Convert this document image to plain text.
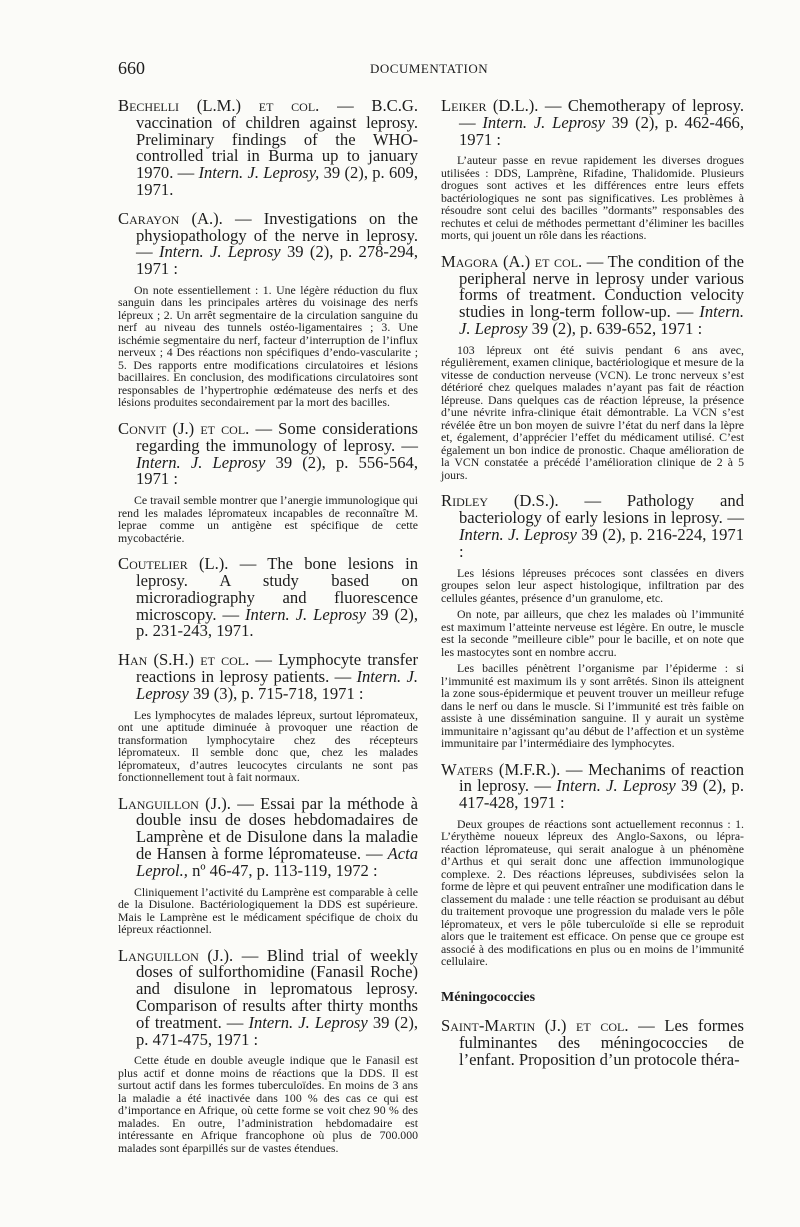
660	DOCUMENTATION
Bechelli (L.M.) et col. — B.C.G. vaccination of children against leprosy. Preliminary findings of the WHO-controlled trial in Burma up to january 1970. — Intern. J. Leprosy, 39 (2), p. 609, 1971.
Carayon (A.). — Investigations on the physiopathology of the nerve in leprosy. — Intern. J. Leprosy 39 (2), p. 278-294, 1971 :

On note essentiellement : 1. Une légère réduction du flux sanguin dans les principales artères du voisinage des nerfs lépreux ; 2. Un arrêt segmentaire de la circulation sanguine du nerf au niveau des tunnels ostéo-ligamentaires ; 3. Une ischémie segmentaire du nerf, facteur d’interruption de l’influx nerveux ; 4 Des réactions non spécifiques d’endo-vascularite ; 5. Des rapports entre modifications circulatoires et lésions bacillaires. En conclusion, des modifications circulatoires sont responsables de l’hypertrophie œdémateuse des nerfs et des lésions produites secondairement par la mort des bacilles.

Convit (J.) et col. — Some considerations regarding the immunology of leprosy. — Intern. J. Leprosy 39 (2), p. 556-564, 1971 :

Ce travail semble montrer que l’anergie immunologique qui rend les malades lépromateux incapables de reconnaître M. leprae comme un antigène est spécifique de cette mycobactérie.

Coutelier (L.). — The bone lesions in leprosy. A study based on microradiography and fluorescence microscopy. — Intern. J. Leprosy 39 (2), p. 231-243, 1971.
Han (S.H.) et col. — Lymphocyte transfer reactions in leprosy patients. — Intern. J. Leprosy 39 (3), p. 715-718, 1971 :

Les lymphocytes de malades lépreux, surtout lépromateux, ont une aptitude diminuée à provoquer une réaction de transformation lymphocytaire chez des récepteurs lépromateux. Il semble donc que, chez les malades lépromateux, d’autres leucocytes circulants ne sont pas fonctionnellement tout à fait normaux.

Languillon (J.). — Essai par la méthode à double insu de doses hebdomadaires de Lamprène et de Disulone dans la maladie de Hansen à forme lépromateuse. — Acta Leprol., nº 46-47, p. 113-119, 1972 :

Cliniquement l’activité du Lamprène est comparable à celle de la Disulone. Bactériologiquement la DDS est supérieure. Mais le Lamprène est le médicament spécifique de choix du lépreux réactionnel.

Languillon (J.). — Blind trial of weekly doses of sulforthomidine (Fanasil Roche) and disulone in lepromatous leprosy. Comparison of results after thirty months of treatment. — Intern. J. Leprosy 39 (2), p. 471-475, 1971 :

Cette étude en double aveugle indique que le Fanasil est plus actif et donne moins de réactions que la DDS. Il est surtout actif dans les formes tuberculoïdes. En moins de 3 ans la maladie a été inactivée dans 100 % des cas ce qui est d’importance en Afrique, où cette forme se voit chez 90 % des malades. En outre, l’administration hebdomadaire est intéressante en Afrique francophone où plus de 700.000 malades sont éparpillés sur de vastes étendues.

Leiker (D.L.). — Chemotherapy of leprosy. — Intern. J. Leprosy 39 (2), p. 462-466, 1971 :

L’auteur passe en revue rapidement les diverses drogues utilisées : DDS, Lamprène, Rifadine, Thalidomide. Plusieurs drogues sont actives et les différences entre leurs effets bactériologiques ne sont pas significatives. Les problèmes à résoudre sont celui des bacilles ”dormants” responsables des rechutes et celui de méthodes permettant d’éliminer les bacilles morts, qui jouent un rôle dans les réactions.

Magora (A.) et col. — The condition of the peripheral nerve in leprosy under various forms of treatment. Conduction velocity studies in long-term follow-up. — Intern. J. Leprosy 39 (2), p. 639-652, 1971 :

103 lépreux ont été suivis pendant 6 ans avec, régulièrement, examen clinique, bactériologique et mesure de la vitesse de conduction nerveuse (VCN). Le tronc nerveux s’est détérioré chez quelques malades n’ayant pas fait de réaction lépreuse. Dans quelques cas de réaction lépreuse, la présence d’une névrite infra-clinique était démontrable. La VCN s’est révélée être un bon moyen de suivre l’état du nerf dans la lèpre et, également, d’apprécier l’effet du médicament utilisé. C’est également un bon indice de pronostic. Chaque amélioration de la VCN constatée a précédé l’amélioration clinique de 2 à 5 jours.

Ridley (D.S.). — Pathology and bacteriology of early lesions in leprosy. — Intern. J. Leprosy 39 (2), p. 216-224, 1971 :

Les lésions lépreuses précoces sont classées en divers groupes selon leur aspect histologique, infiltration par des cellules géantes, présence d’un granulome, etc.

On note, par ailleurs, que chez les malades où l’immunité est maximum l’atteinte nerveuse est légère. En outre, le muscle est la seconde ”meilleure cible” pour le bacille, et on note que les mastocytes sont en nombre accru.

Les bacilles pénètrent l’organisme par l’épiderme : si l’immunité est maximum ils y sont arrêtés. Sinon ils atteignent la zone sous-épidermique et peuvent trouver un meilleur refuge dans le nerf ou dans le muscle. Si l’immunité est très faible on assiste à une dissémination sanguine. Il y aurait un système immunitaire n’agissant qu’au début de l’affection et un système immunitaire par l’intermédiaire des lymphocytes.

Waters (M.F.R.). — Mechanims of reaction in leprosy. — Intern. J. Leprosy 39 (2), p. 417-428, 1971 :

Deux groupes de réactions sont actuellement reconnus : 1. L’érythème noueux lépreux des Anglo-Saxons, ou lépra-réaction lépromateuse, qui serait analogue à un phénomène d’Arthus et qui serait donc une affection immunologique complexe. 2. Des réactions lépreuses, subdivisées selon la forme de lèpre et qui peuvent entraîner une modification dans le classement du malade : une telle réaction se produisant au début du traitement provoque une progression du malade vers le pôle lépromateux, et vers le pôle tuberculoïde si elle se reproduit alors que le traitement est efficace. On pense que ce groupe est associé à des modifications en plus ou en moins de l’immunité cellulaire.

Méningococcies
Saint-Martin (J.) et col. — Les formes fulminantes des méningococcies de l’enfant. Proposition d’un protocole théra-
